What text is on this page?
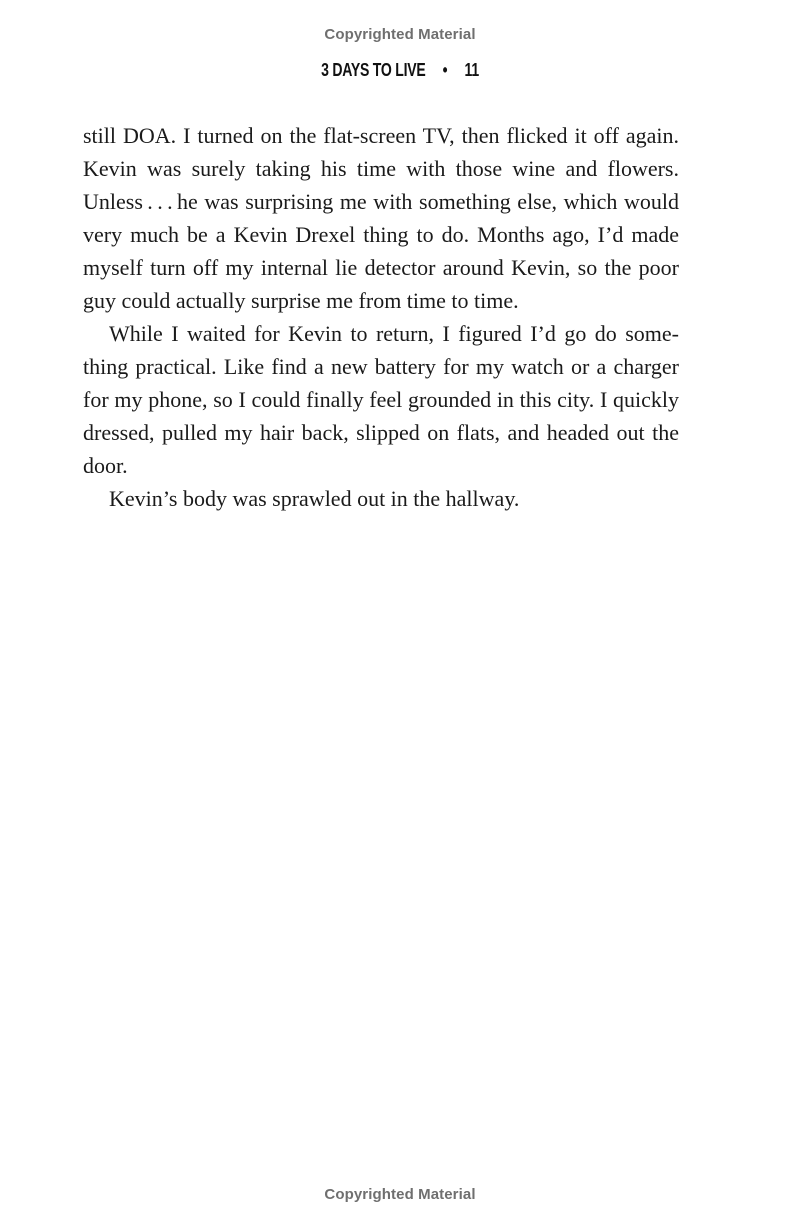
Copyrighted Material
3 DAYS TO LIVE • 11

still DOA. I turned on the flat-screen TV, then flicked it off again. Kevin was surely taking his time with those wine and flowers. Unless . . . he was surprising me with something else, which would very much be a Kevin Drexel thing to do. Months ago, I’d made myself turn off my internal lie detector around Kevin, so the poor guy could actually surprise me from time to time.

While I waited for Kevin to return, I figured I’d go do something practical. Like find a new battery for my watch or a charger for my phone, so I could finally feel grounded in this city. I quickly dressed, pulled my hair back, slipped on flats, and headed out the door.

Kevin’s body was sprawled out in the hallway.

Copyrighted Material
